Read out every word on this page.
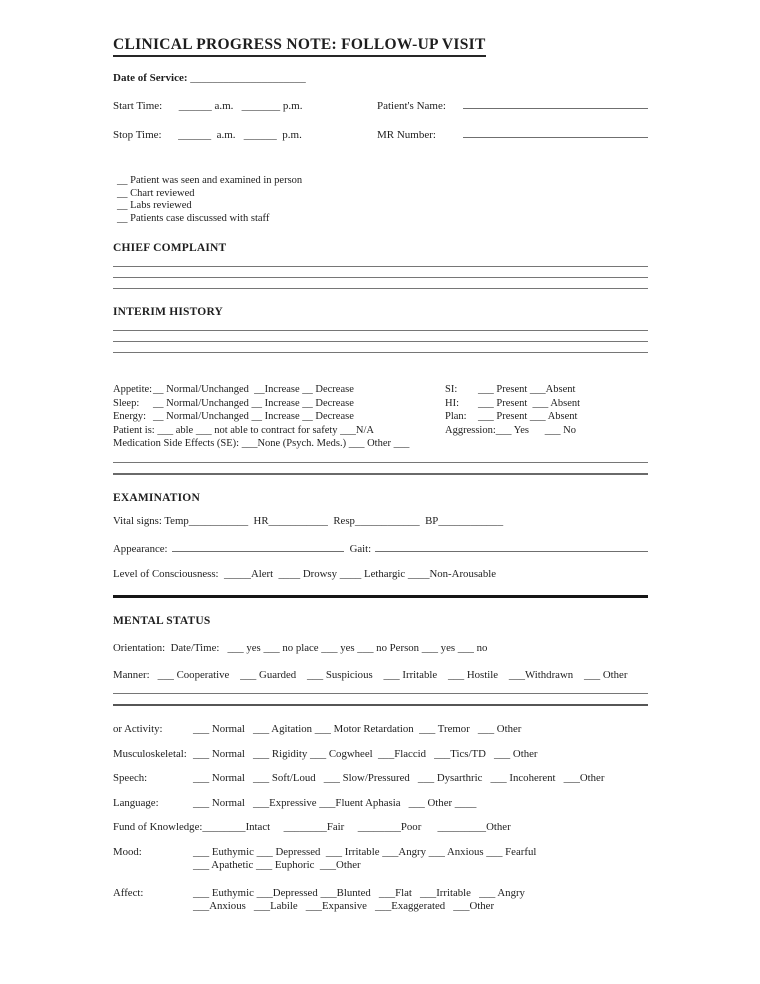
CLINICAL PROGRESS NOTE: FOLLOW-UP VISIT
Date of Service: _____________________
Start Time:      ______ a.m.   _______ p.m.	Patient's Name:
Stop Time:      ______  a.m.   ______  p.m.	MR Number:
__ Patient was seen and examined in person
__ Chart reviewed
__ Labs reviewed
__ Patients case discussed with staff
CHIEF COMPLAINT
INTERIM HISTORY
Appetite:__ Normal/Unchanged  __Increase __ Decrease
Sleep: __ Normal/Unchanged __ Increase __ Decrease
Energy: __ Normal/Unchanged __ Increase __ Decrease
Patient is: ___ able ___ not able to contract for safety ___N/A
Medication Side Effects (SE): ___None (Psych. Meds.) ___ Other ___
SI: ___ Present ___Absent
HI: ___ Present  ___ Absent
Plan: ___ Present ___ Absent
Aggression:___ Yes      ___ No
EXAMINATION
Vital signs: Temp___________  HR___________  Resp____________  BP____________
Appearance:	Gait:
Level of Consciousness:  _____Alert  ____ Drowsy ____ Lethargic ____Non-Arousable
MENTAL STATUS
Orientation:  Date/Time:   ___ yes ___ no place ___ yes ___ no Person ___ yes ___ no
Manner:   ___ Cooperative    ___ Guarded    ___ Suspicious    ___ Irritable    ___ Hostile    ___Withdrawn    ___ Other
or Activity:	___ Normal   ___ Agitation ___ Motor Retardation  ___ Tremor   ___ Other
Musculoskeletal: ___ Normal   ___ Rigidity ___ Cogwheel  ___Flaccid   ___Tics/TD   ___ Other
Speech:	___ Normal   ___ Soft/Loud   ___ Slow/Pressured   ___ Dysarthric   ___ Incoherent   ___Other
Language:	___ Normal   ___Expressive ___Fluent Aphasia   ___ Other ____
Fund of Knowledge:________Intact     ________Fair     ________Poor      _________Other
Mood:	___ Euthymic ___ Depressed  ___ Irritable ___Angry ___ Anxious ___ Fearful
___ Apathetic ___ Euphoric  ___Other
Affect:	___ Euthymic ___Depressed ___Blunted   ___Flat   ___Irritable   ___ Angry
___Anxious   ___Labile   ___Expansive   ___Exaggerated   ___Other
